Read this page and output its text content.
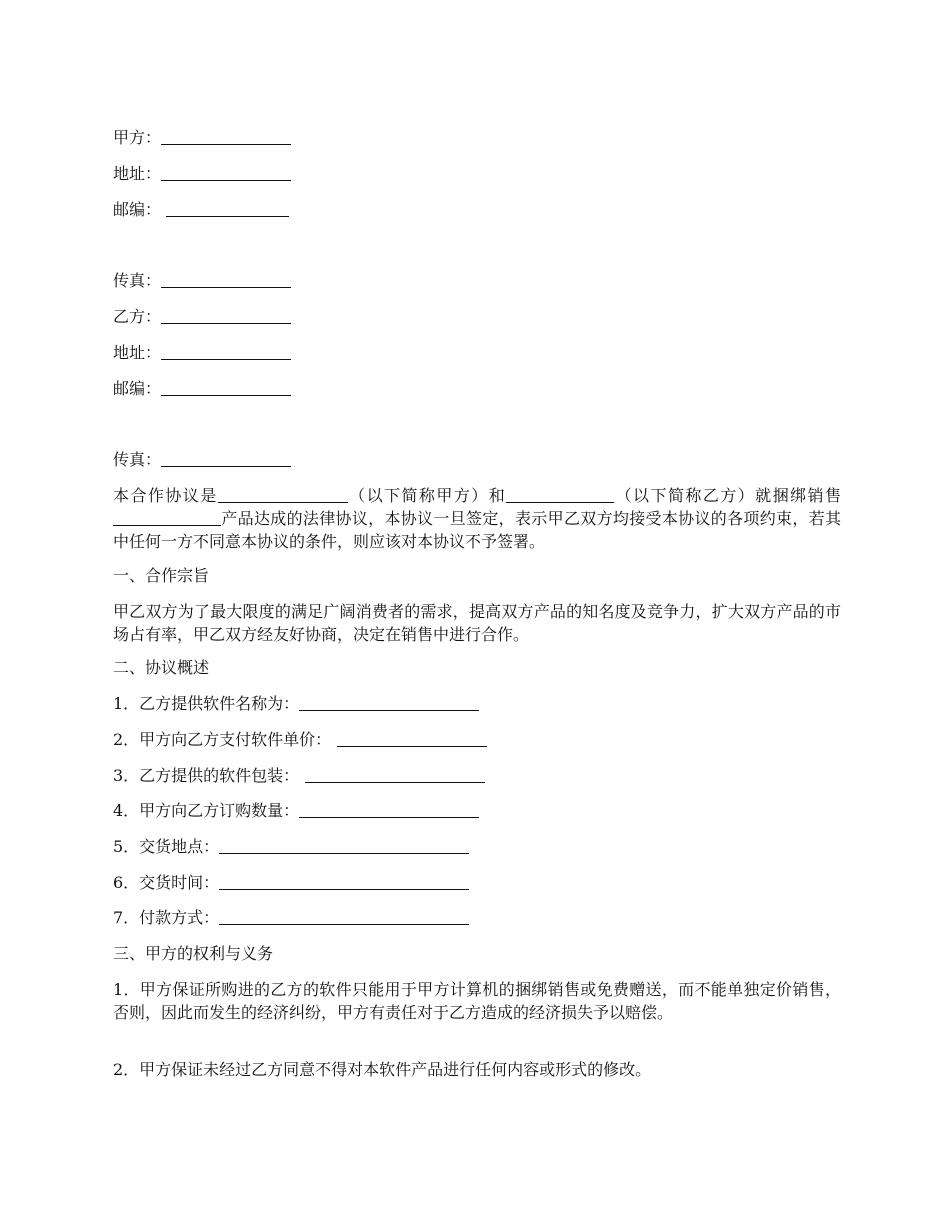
甲方：
地址：
邮编：
传真：
乙方：
地址：
邮编：
传真：
本合作协议是	（以下简称甲方）和	（以下简称乙方）就捆绑销售产品达成的法律协议，本协议一旦签定，表示甲乙双方均接受本协议的各项约束，若其中任何一方不同意本协议的条件，则应该对本协议不予签署。
一、合作宗旨
甲乙双方为了最大限度的满足广阔消费者的需求，提高双方产品的知名度及竞争力，扩大双方产品的市场占有率，甲乙双方经友好协商，决定在销售中进行合作。
二、协议概述
1．乙方提供软件名称为：
2．甲方向乙方支付软件单价：
3．乙方提供的软件包装：
4．甲方向乙方订购数量：
5．交货地点：
6．交货时间：
7．付款方式：
三、甲方的权利与义务
1．甲方保证所购进的乙方的软件只能用于甲方计算机的捆绑销售或免费赠送，而不能单独定价销售，否则，因此而发生的经济纠纷，甲方有责任对于乙方造成的经济损失予以赔偿。
2．甲方保证未经过乙方同意不得对本软件产品进行任何内容或形式的修改。
